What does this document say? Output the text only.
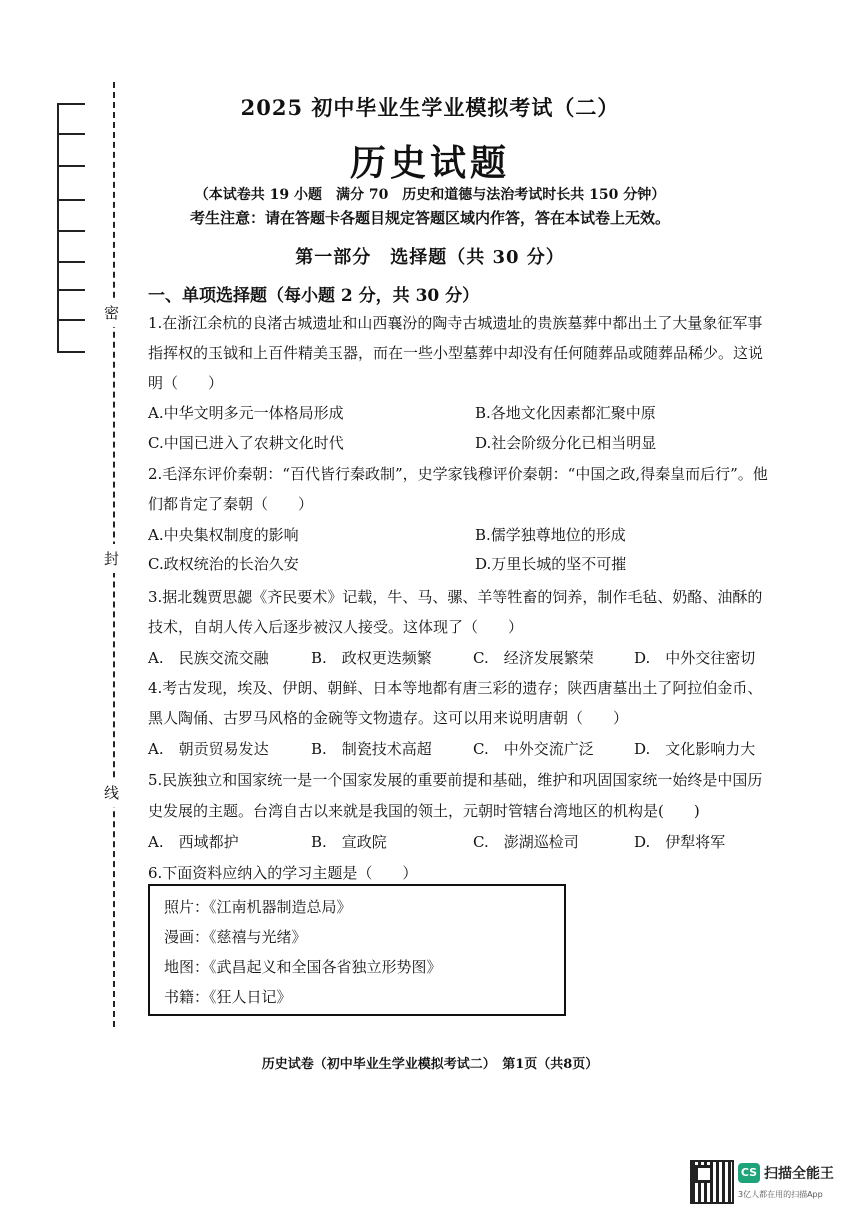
密
封
线
2025 初中毕业生学业模拟考试（二）
历史试题
（本试卷共 19 小题　满分 70　历史和道德与法治考试时长共 150 分钟）
考生注意：请在答题卡各题目规定答题区域内作答，答在本试卷上无效。
第一部分　选择题（共 30 分）
一、单项选择题（每小题 2 分，共 30 分）
1.在浙江余杭的良渚古城遗址和山西襄汾的陶寺古城遗址的贵族墓葬中都出土了大量象征军事
指挥权的玉钺和上百件精美玉器，而在一些小型墓葬中却没有任何随葬品或随葬品稀少。这说
明（　　）
A.中华文明多元一体格局形成	B.各地文化因素都汇聚中原
C.中国已进入了农耕文化时代	D.社会阶级分化已相当明显
2.毛泽东评价秦朝：“百代皆行秦政制”，史学家钱穆评价秦朝：“中国之政,得秦皇而后行”。他
们都肯定了秦朝（　　）
A.中央集权制度的影响	B.儒学独尊地位的形成
C.政权统治的长治久安	D.万里长城的坚不可摧
3.据北魏贾思勰《齐民要术》记载，牛、马、骡、羊等牲畜的饲养，制作毛毡、奶酪、油酥的
技术，自胡人传入后逐步被汉人接受。这体现了（　　）
A.　民族交流交融	B.　政权更迭频繁	C.　经济发展繁荣	D.　中外交往密切
4.考古发现，埃及、伊朗、朝鲜、日本等地都有唐三彩的遗存；陕西唐墓出土了阿拉伯金币、
黑人陶俑、古罗马风格的金碗等文物遗存。这可以用来说明唐朝（　　）
A.　朝贡贸易发达	B.　制瓷技术高超	C.　中外交流广泛	D.　文化影响力大
5.民族独立和国家统一是一个国家发展的重要前提和基础，维护和巩固国家统一始终是中国历
史发展的主题。台湾自古以来就是我国的领土，元朝时管辖台湾地区的机构是(　　)
A.　西域都护	B.　宣政院	C.　澎湖巡检司	D.　伊犁将军
6.下面资料应纳入的学习主题是（　　）
照片：《江南机器制造总局》
漫画：《慈禧与光绪》
地图：《武昌起义和全国各省独立形势图》
书籍：《狂人日记》
历史试卷（初中毕业生学业模拟考试二）　第1页（共8页）
CS 扫描全能王
3亿人都在用的扫描App
